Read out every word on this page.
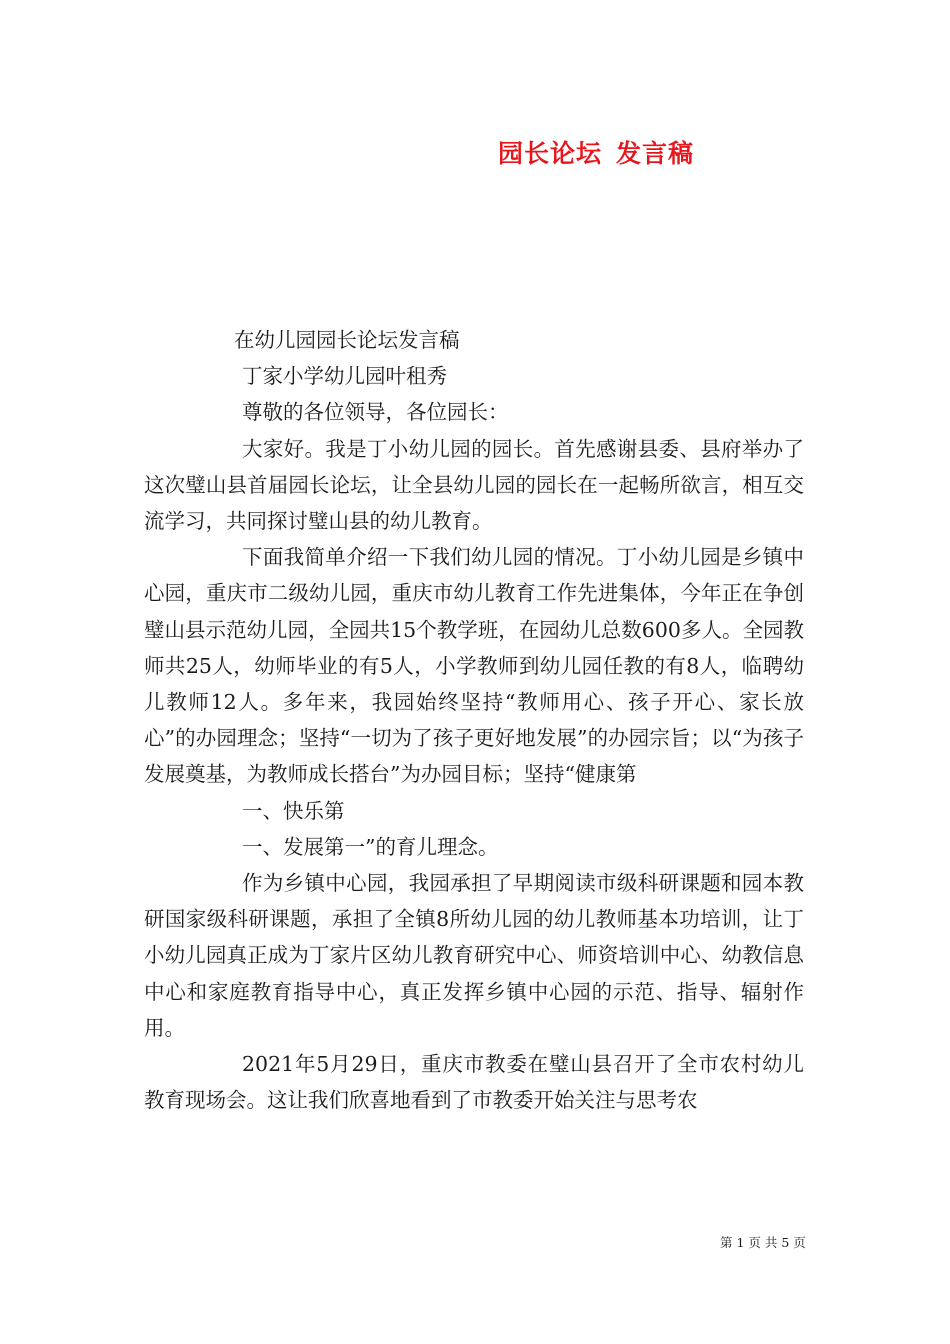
园长论坛 发言稿

在幼儿园园长论坛发言稿

丁家小学幼儿园叶租秀

尊敬的各位领导，各位园长：

大家好。我是丁小幼儿园的园长。首先感谢县委、县府举办了这次璧山县首届园长论坛，让全县幼儿园的园长在一起畅所欲言，相互交流学习，共同探讨璧山县的幼儿教育。

下面我简单介绍一下我们幼儿园的情况。丁小幼儿园是乡镇中心园，重庆市二级幼儿园，重庆市幼儿教育工作先进集体，今年正在争创璧山县示范幼儿园，全园共15个教学班，在园幼儿总数600多人。全园教师共25人，幼师毕业的有5人，小学教师到幼儿园任教的有8人，临聘幼儿教师12人。多年来，我园始终坚持“教师用心、孩子开心、家长放心”的办园理念；坚持“一切为了孩子更好地发展”的办园宗旨；以“为孩子发展奠基，为教师成长搭台”为办园目标；坚持“健康第

一、快乐第

一、发展第一”的育儿理念。

作为乡镇中心园，我园承担了早期阅读市级科研课题和园本教研国家级科研课题，承担了全镇8所幼儿园的幼儿教师基本功培训，让丁小幼儿园真正成为丁家片区幼儿教育研究中心、师资培训中心、幼教信息中心和家庭教育指导中心，真正发挥乡镇中心园的示范、指导、辐射作用。

2021年5月29日，重庆市教委在璧山县召开了全市农村幼儿教育现场会。这让我们欣喜地看到了市教委开始关注与思考农

第 1 页 共 5 页
